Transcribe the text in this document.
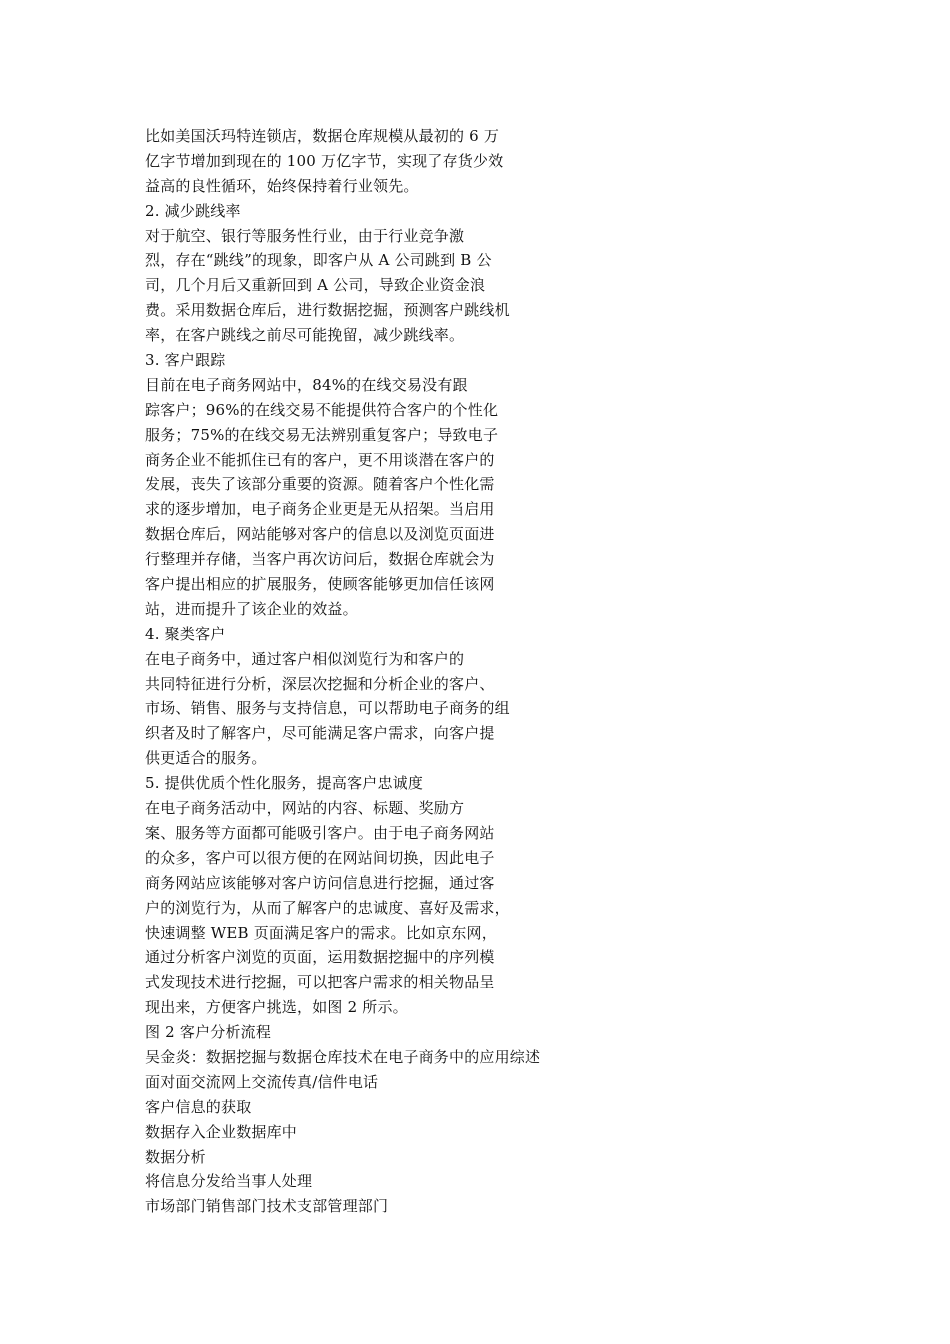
比如美国沃玛特连锁店，数据仓库规模从最初的 6 万
亿字节增加到现在的 100 万亿字节，实现了存货少效
益高的良性循环，始终保持着行业领先。
2. 减少跳线率
对于航空、银行等服务性行业，由于行业竞争激
烈，存在“跳线”的现象，即客户从 A 公司跳到 B 公
司，几个月后又重新回到 A 公司，导致企业资金浪
费。采用数据仓库后，进行数据挖掘，预测客户跳线机
率，在客户跳线之前尽可能挽留，减少跳线率。
3. 客户跟踪
目前在电子商务网站中，84%的在线交易没有跟
踪客户；96%的在线交易不能提供符合客户的个性化
服务；75%的在线交易无法辨别重复客户；导致电子
商务企业不能抓住已有的客户，更不用谈潜在客户的
发展，丧失了该部分重要的资源。随着客户个性化需
求的逐步增加，电子商务企业更是无从招架。当启用
数据仓库后，网站能够对客户的信息以及浏览页面进
行整理并存储，当客户再次访问后，数据仓库就会为
客户提出相应的扩展服务，使顾客能够更加信任该网
站，进而提升了该企业的效益。
4. 聚类客户
在电子商务中，通过客户相似浏览行为和客户的
共同特征进行分析，深层次挖掘和分析企业的客户、
市场、销售、服务与支持信息，可以帮助电子商务的组
织者及时了解客户，尽可能满足客户需求，向客户提
供更适合的服务。
5. 提供优质个性化服务，提高客户忠诚度
在电子商务活动中，网站的内容、标题、奖励方
案、服务等方面都可能吸引客户。由于电子商务网站
的众多，客户可以很方便的在网站间切换，因此电子
商务网站应该能够对客户访问信息进行挖掘，通过客
户的浏览行为，从而了解客户的忠诚度、喜好及需求，
快速调整 WEB 页面满足客户的需求。比如京东网，
通过分析客户浏览的页面，运用数据挖掘中的序列模
式发现技术进行挖掘，可以把客户需求的相关物品呈
现出来，方便客户挑选，如图 2 所示。
图 2 客户分析流程
吴金炎：数据挖掘与数据仓库技术在电子商务中的应用综述
面对面交流网上交流传真/信件电话
客户信息的获取
数据存入企业数据库中
数据分析
将信息分发给当事人处理
市场部门销售部门技术支部管理部门
